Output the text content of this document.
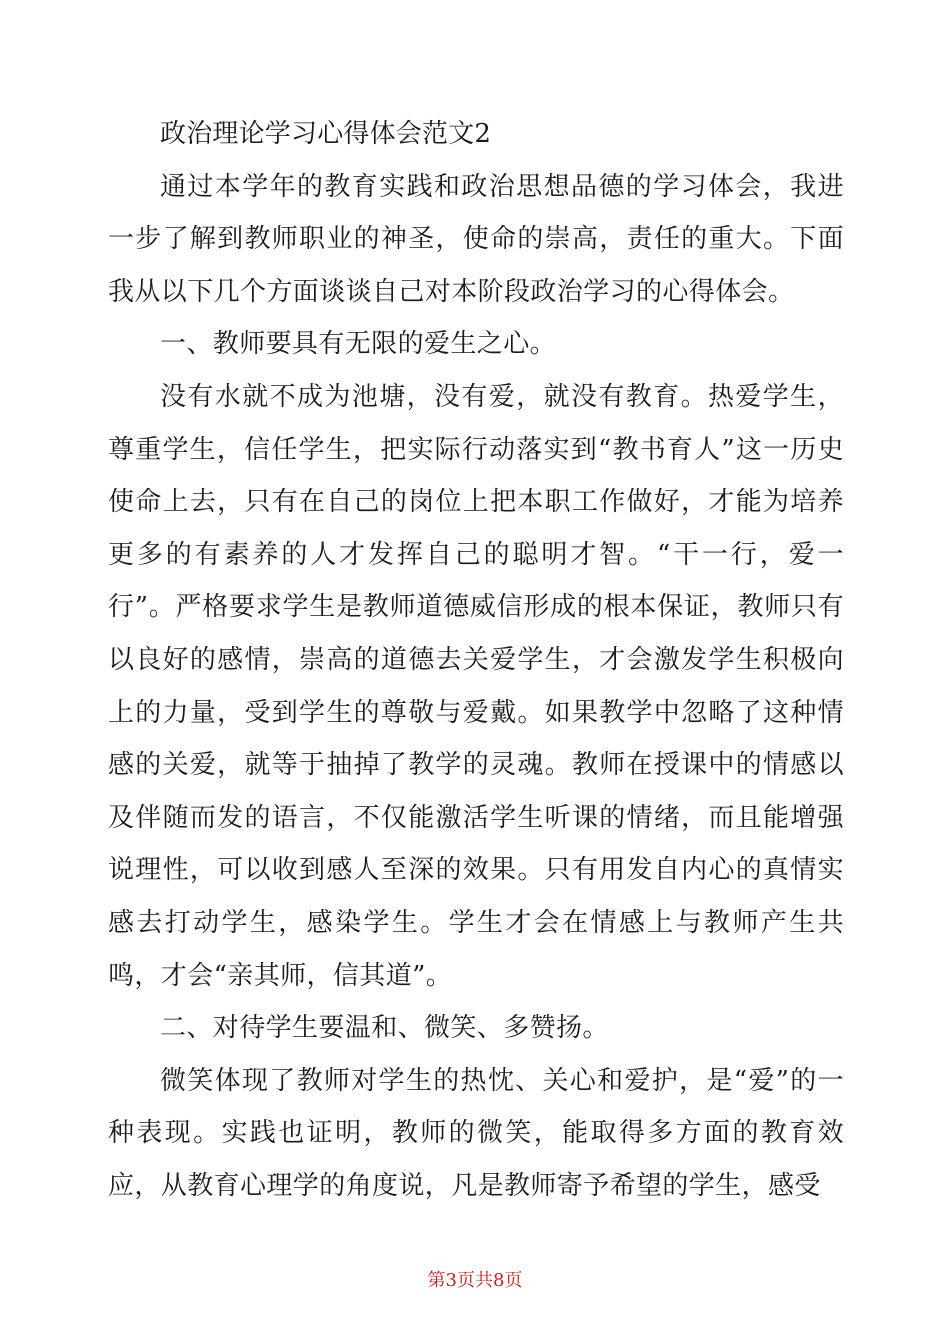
政治理论学习心得体会范文2

通过本学年的教育实践和政治思想品德的学习体会，我进一步了解到教师职业的神圣，使命的崇高，责任的重大。下面我从以下几个方面谈谈自己对本阶段政治学习的心得体会。

一、教师要具有无限的爱生之心。

没有水就不成为池塘，没有爱，就没有教育。热爱学生，尊重学生，信任学生，把实际行动落实到“教书育人”这一历史使命上去，只有在自己的岗位上把本职工作做好，才能为培养更多的有素养的人才发挥自己的聪明才智。“干一行，爱一行”。严格要求学生是教师道德威信形成的根本保证，教师只有以良好的感情，崇高的道德去关爱学生，才会激发学生积极向上的力量，受到学生的尊敬与爱戴。如果教学中忽略了这种情感的关爱，就等于抽掉了教学的灵魂。教师在授课中的情感以及伴随而发的语言，不仅能激活学生听课的情绪，而且能增强说理性，可以收到感人至深的效果。只有用发自内心的真情实感去打动学生，感染学生。学生才会在情感上与教师产生共鸣，才会“亲其师，信其道”。

二、对待学生要温和、微笑、多赞扬。

微笑体现了教师对学生的热忱、关心和爱护，是“爱”的一种表现。实践也证明，教师的微笑，能取得多方面的教育效应，从教育心理学的角度说，凡是教师寄予希望的学生，感受

第3页共8页
